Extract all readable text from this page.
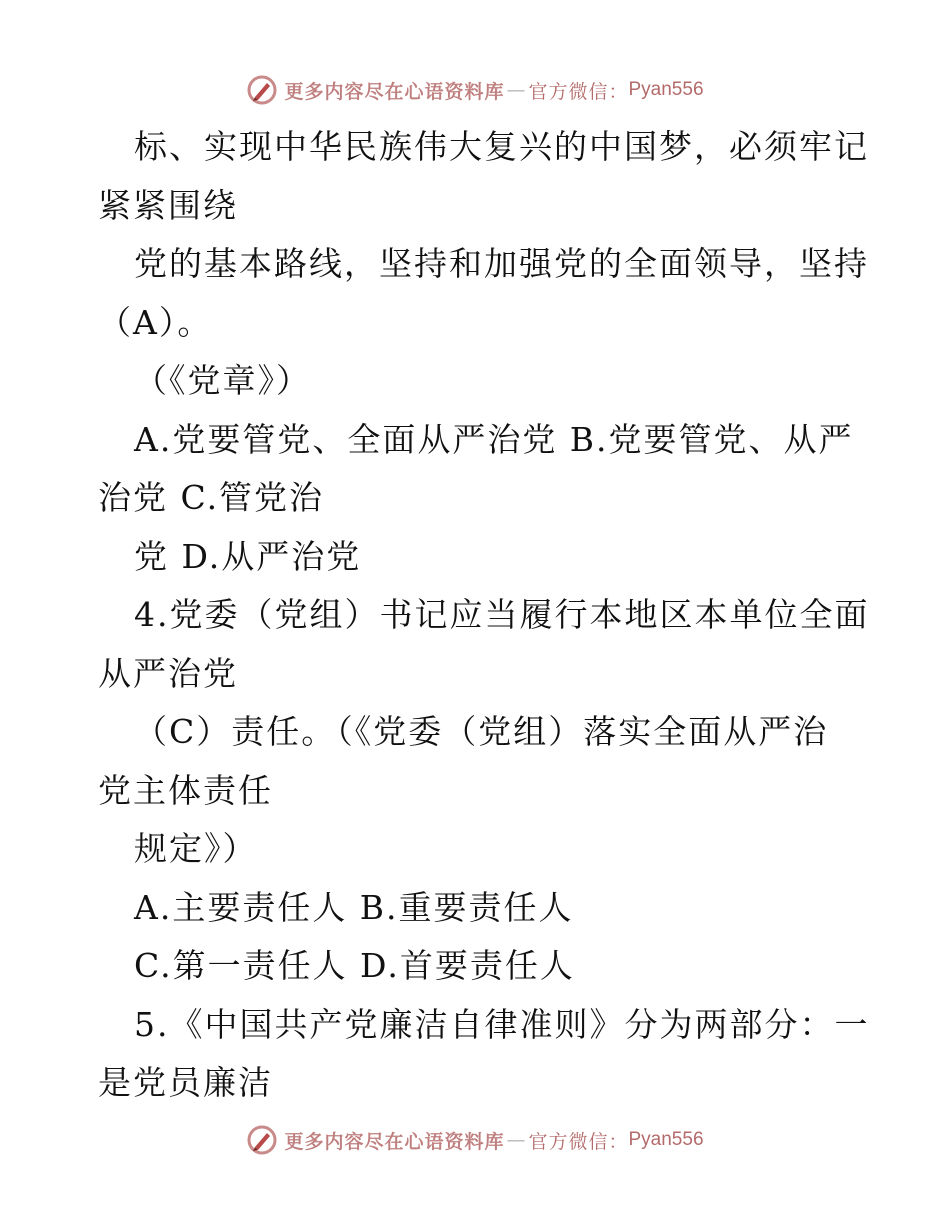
更多内容尽在心语资料库 — 官方微信： Pyan556
标、实现中华民族伟大复兴的中国梦，必须牢记
紧紧围绕
党的基本路线，坚持和加强党的全面领导，坚持
（A）。
（《党章》）
A.党要管党、全面从严治党 B.党要管党、从严
治党 C.管党治
党 D.从严治党
4.党委（党组）书记应当履行本地区本单位全面
从严治党
（C）责任。（《党委（党组）落实全面从严治
党主体责任
规定》）
A.主要责任人 B.重要责任人
C.第一责任人 D.首要责任人
5.《中国共产党廉洁自律准则》分为两部分：一
是党员廉洁
更多内容尽在心语资料库 — 官方微信： Pyan556
